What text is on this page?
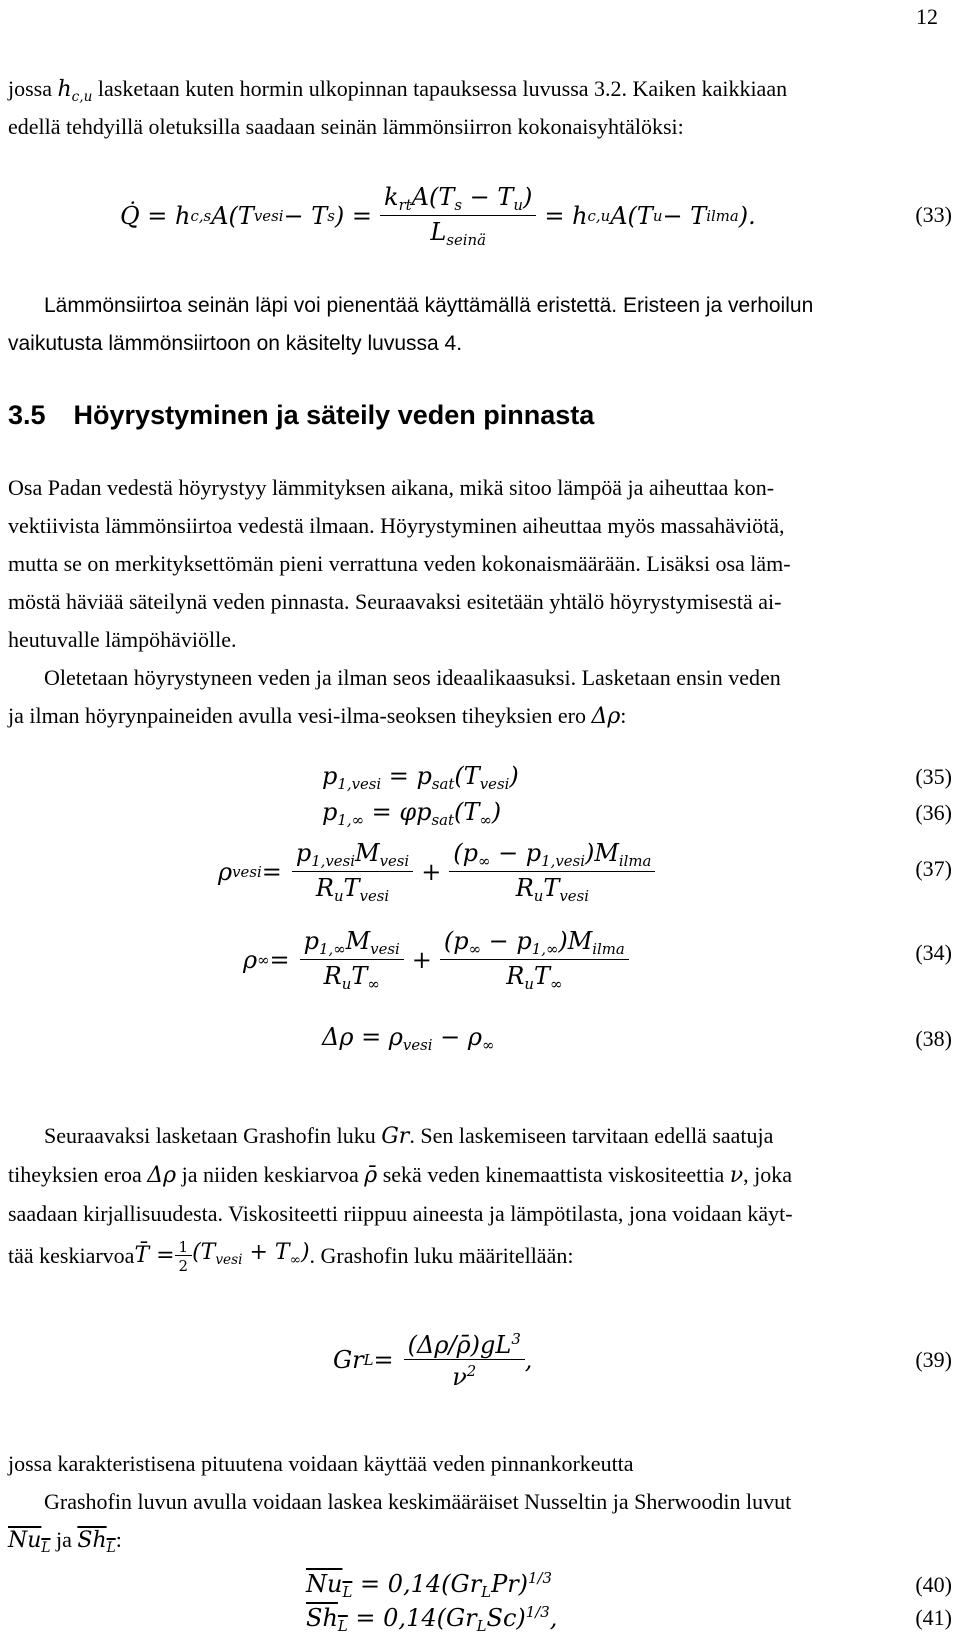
12
jossa $h_{c,u}$ lasketaan kuten hormin ulkopinnan tapauksessa luvussa 3.2. Kaiken kaikkiaan
edellä tehdyillä oletuksilla saadaan seinän lämmönsiirron kokonaisyhtälöksi:
Q̇ = h c,s A(T vesi − T s ) = $\frac{k_{rt}A(T_s - T_u)}{L_{seinä}} = h$ c,u A(T u − T ilma ).	(33)
Lämmönsiirtoa seinän läpi voi pienentää käyttämällä eristettä. Eristeen ja verhoilun
vaikutusta lämmönsiirtoon on käsitelty luvussa 4.
3.5 Höyrystyminen ja säteily veden pinnasta
Osa Padan vedestä höyrystyy lämmityksen aikana, mikä sitoo lämpöä ja aiheuttaa kon-
vektiivista lämmönsiirtoa vedestä ilmaan. Höyrystyminen aiheuttaa myös massahäviötä,
mutta se on merkityksettömän pieni verrattuna veden kokonaismäärään. Lisäksi osa läm-
möstä häviää säteilynä veden pinnasta. Seuraavaksi esitetään yhtälö höyrystymisestä ai-
heutuvalle lämpöhäviölle.
Oletetaan höyrystyneen veden ja ilman seos ideaalikaasuksi. Lasketaan ensin veden
ja ilman höyrynpaineiden avulla vesi-ilma-seoksen tiheyksien ero Δρ:
$p_{1,vesi} = p_{sat}(T_{vesi})$	(35)
$p_{1,\infty} = \varphi p_{sat}(T_\infty)$	(36)
ρ vesi = $\frac{p_{1,vesi}M_{vesi}}{R_uT_{vesi}} + \frac{(p_\infty - p_{1,vesi})M_{ilma}}{R_uT_{vesi}}$	(37)
ρ ∞ = $\frac{p_{1,\infty}M_{vesi}}{R_uT_\infty} + \frac{(p_\infty - p_{1,\infty})M_{ilma}}{R_uT_\infty}$	(34)
$\Delta\rho = \rho_{vesi} - \rho_\infty$	(38)
Seuraavaksi lasketaan Grashofin luku Gr. Sen laskemiseen tarvitaan edellä saatuja
tiheyksien eroa Δρ ja niiden keskiarvoa ρ̄ sekä veden kinemaattista viskositeettia ν, joka
saadaan kirjallisuudesta. Viskositeetti riippuu aineesta ja lämpötilasta, jona voidaan käyt-
tää keskiarvoa T̄ = $\frac{1}{2} (T_{vesi} + T_\infty)$ . Grashofin luku määritellään:
Gr $L = \frac{(\Delta\rho/\rhō)gL^3}{\nu^2}$ ,	(39)
jossa karakteristisena pituutena voidaan käyttää veden pinnankorkeutta
Grashofin luvun avulla voidaan laskea keskimääräiset Nusseltin ja Sherwoodin luvut
$Nu_L$ ja $Sh_L$:
$Nu_L = 0,14(Gr_LPr)^{1/3}$	(40)
$Sh_L = 0,14(Gr_LSc)^{1/3}$,	(41)
